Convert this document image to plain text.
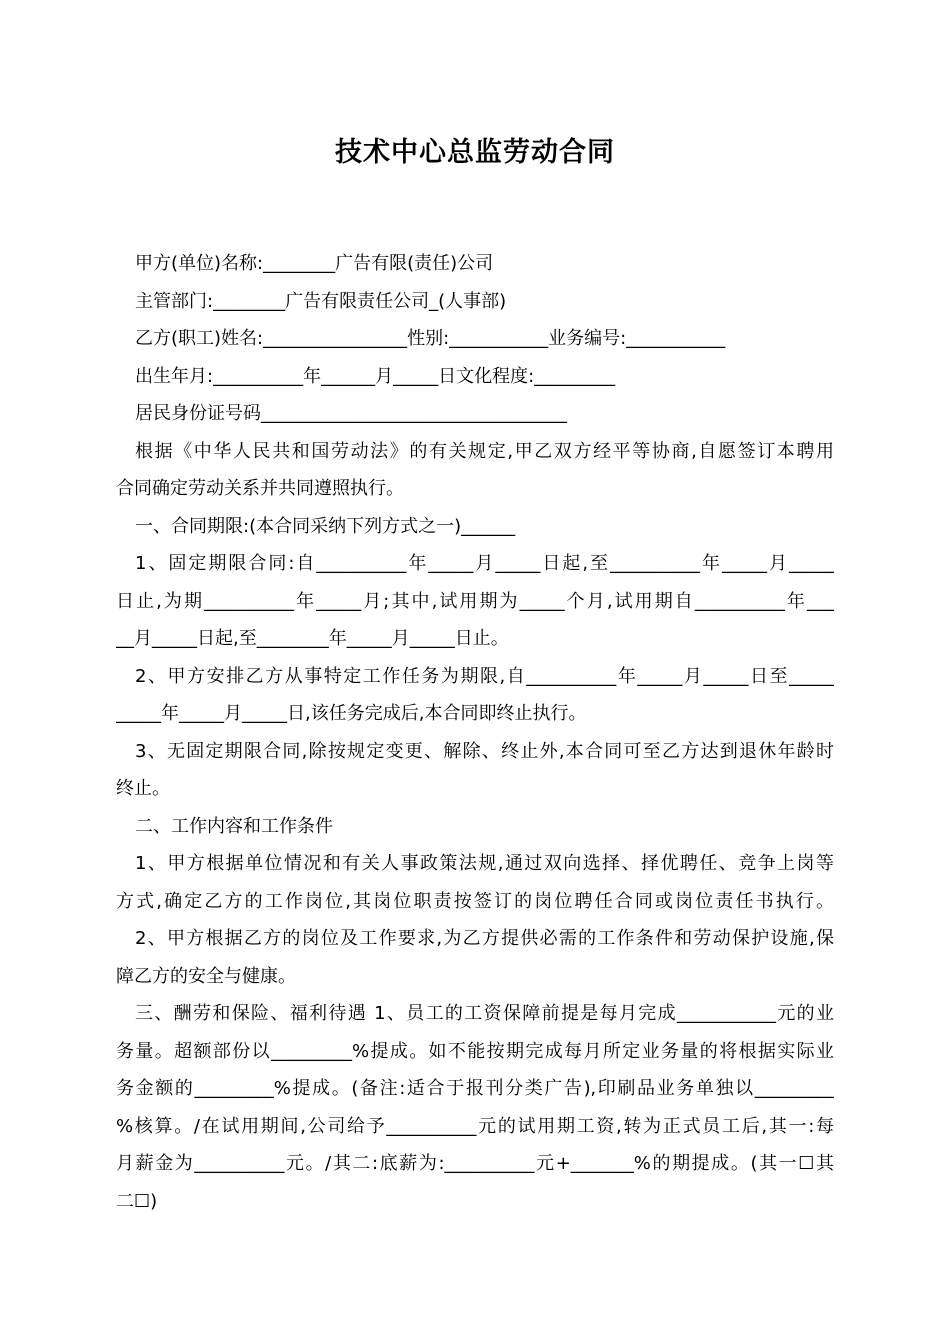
技术中心总监劳动合同
甲方(单位)名称:________广告有限(责任)公司
主管部门:________广告有限责任公司_(人事部)
乙方(职工)姓名:________________性别:___________业务编号:___________
出生年月:__________年______月_____日文化程度:_________
居民身份证号码__________________________________
根据《中华人民共和国劳动法》的有关规定,甲乙双方经平等协商,自愿签订本聘用
合同确定劳动关系并共同遵照执行。
一、合同期限:(本合同采纳下列方式之一)______
1、固定期限合同:自__________年_____月_____日起,至__________年_____月_____
日止,为期__________年_____月;其中,试用期为_____个月,试用期自__________年___
__月_____日起,至________年_____月_____日止。
2、甲方安排乙方从事特定工作任务为期限,自__________年_____月_____日至_____
_____年_____月_____日,该任务完成后,本合同即终止执行。
3、无固定期限合同,除按规定变更、解除、终止外,本合同可至乙方达到退休年龄时
终止。
二、工作内容和工作条件
1、甲方根据单位情况和有关人事政策法规,通过双向选择、择优聘任、竞争上岗等
方式,确定乙方的工作岗位,其岗位职责按签订的岗位聘任合同或岗位责任书执行。
2、甲方根据乙方的岗位及工作要求,为乙方提供必需的工作条件和劳动保护设施,保
障乙方的安全与健康。
三、酬劳和保险、福利待遇 1、员工的工资保障前提是每月完成___________元的业
务量。超额部份以_________%提成。如不能按期完成每月所定业务量的将根据实际业
务金额的_________%提成。(备注:适合于报刊分类广告),印刷品业务单独以_________
%核算。/在试用期间,公司给予__________元的试用期工资,转为正式员工后,其一:每
月薪金为__________元。/其二:底薪为:__________元+_______%的期提成。(其一☐其
二☐)
